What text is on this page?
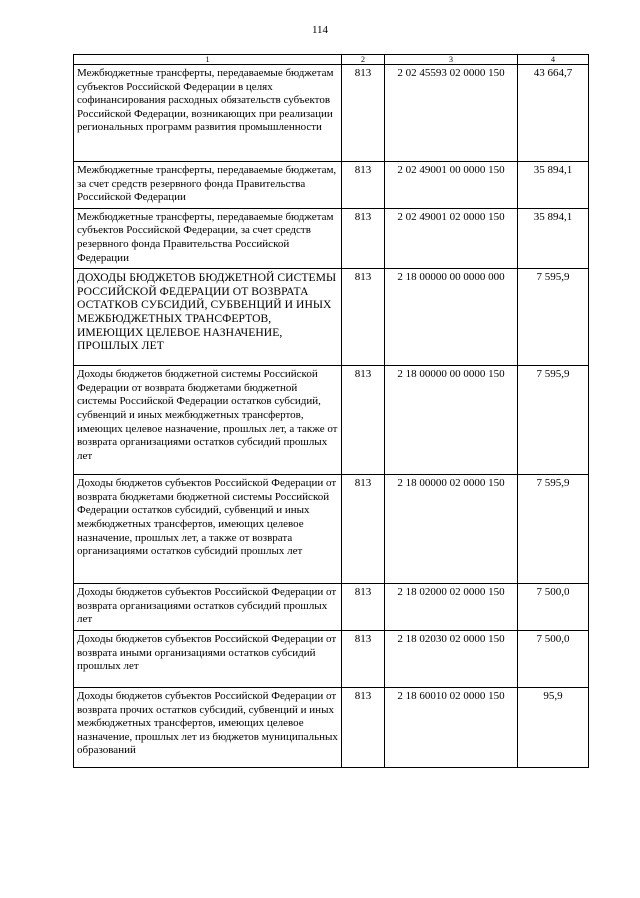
114
1	2	3	4
Межбюджетные трансферты, передаваемые бюджетам субъектов Российской Федерации в целях софинансирования расходных обязательств субъектов Российской Федерации, возникающих при реализации региональных программ развития промышленности	813	2 02 45593 02 0000 150	43 664,7
Межбюджетные трансферты, передаваемые бюджетам, за счет средств резервного фонда Правительства Российской Федерации	813	2 02 49001 00 0000 150	35 894,1
Межбюджетные трансферты, передаваемые бюджетам субъектов Российской Федерации, за счет средств резервного фонда Правительства Российской Федерации	813	2 02 49001 02 0000 150	35 894,1
ДОХОДЫ БЮДЖЕТОВ БЮДЖЕТНОЙ СИСТЕМЫ РОССИЙСКОЙ ФЕДЕРАЦИИ ОТ ВОЗВРАТА ОСТАТКОВ СУБСИДИЙ, СУБВЕНЦИЙ И ИНЫХ МЕЖБЮДЖЕТНЫХ ТРАНСФЕРТОВ, ИМЕЮЩИХ ЦЕЛЕВОЕ НАЗНАЧЕНИЕ, ПРОШЛЫХ ЛЕТ	813	2 18 00000 00 0000 000	7 595,9
Доходы бюджетов бюджетной системы Российской Федерации от возврата бюджетами бюджетной системы Российской Федерации остатков субсидий, субвенций и иных межбюджетных трансфертов, имеющих целевое назначение, прошлых лет, а также от возврата организациями остатков субсидий прошлых лет	813	2 18 00000 00 0000 150	7 595,9
Доходы бюджетов субъектов Российской Федерации от возврата бюджетами бюджетной системы Российской Федерации остатков субсидий, субвенций и иных межбюджетных трансфертов, имеющих целевое назначение, прошлых лет, а также от возврата организациями остатков субсидий прошлых лет	813	2 18 00000 02 0000 150	7 595,9
Доходы бюджетов субъектов Российской Федерации от возврата организациями остатков субсидий прошлых лет	813	2 18 02000 02 0000 150	7 500,0
Доходы бюджетов субъектов Российской Федерации от возврата иными организациями остатков субсидий прошлых лет	813	2 18 02030 02 0000 150	7 500,0
Доходы бюджетов субъектов Российской Федерации от возврата прочих остатков субсидий, субвенций и иных межбюджетных трансфертов, имеющих целевое назначение, прошлых лет из бюджетов муниципальных образований	813	2 18 60010 02 0000 150	95,9
